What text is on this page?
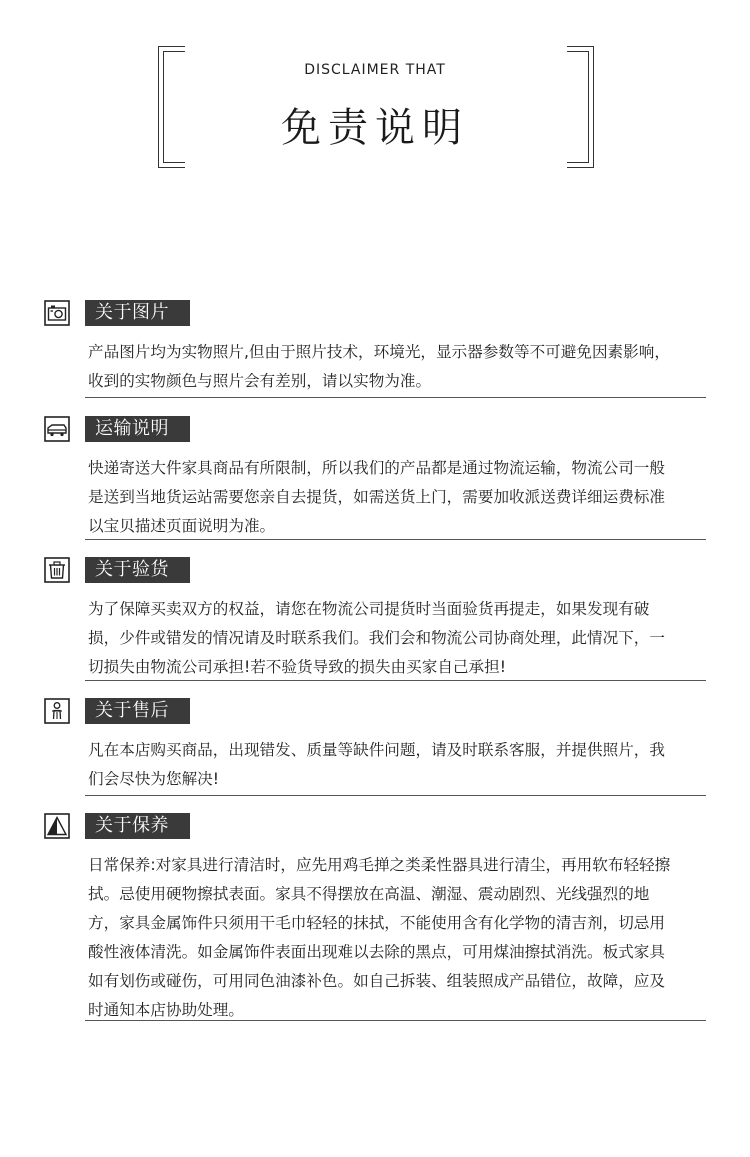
DISCLAIMER THAT
免责说明
关于图片

产品图片均为实物照片,但由于照片技术，环境光，显示器参数等不可避免因素影响，收到的实物颜色与照片会有差别，请以实物为准。

运输说明

快递寄送大件家具商品有所限制，所以我们的产品都是通过物流运输，物流公司一般是送到当地货运站需要您亲自去提货，如需送货上门，需要加收派送费详细运费标准以宝贝描述页面说明为准。

关于验货

为了保障买卖双方的权益，请您在物流公司提货时当面验货再提走，如果发现有破损，少件或错发的情况请及时联系我们。我们会和物流公司协商处理，此情况下，一切损失由物流公司承担!若不验货导致的损失由买家自己承担!

关于售后

凡在本店购买商品，出现错发、质量等缺件问题，请及时联系客服，并提供照片，我们会尽快为您解决!

关于保养

日常保养:对家具进行清洁时，应先用鸡毛掸之类柔性器具进行清尘，再用软布轻轻擦拭。忌使用硬物擦拭表面。家具不得摆放在高温、潮湿、震动剧烈、光线强烈的地方，家具金属饰件只须用干毛巾轻轻的抹拭，不能使用含有化学物的清吉剂，切忌用酸性液体清洗。如金属饰件表面出现难以去除的黑点，可用煤油擦拭消洗。板式家具如有划伤或碰伤，可用同色油漆补色。如自己拆装、组装照成产品错位，故障，应及时通知本店协助处理。
